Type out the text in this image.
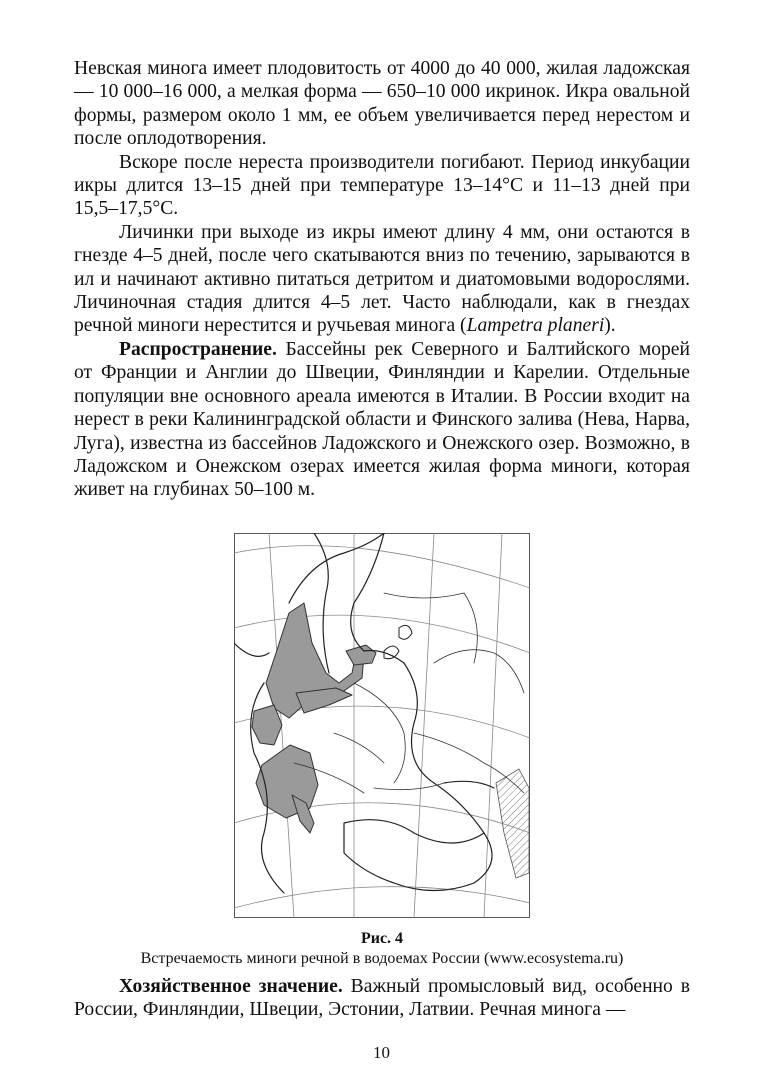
Невская минога имеет плодовитость от 4000 до 40 000, жилая ладожская — 10 000–16 000, а мелкая форма — 650–10 000 икринок. Икра овальной формы, размером около 1 мм, ее объем увеличивается перед нерестом и после оплодотворения.

Вскоре после нереста производители погибают. Период инкубации икры длится 13–15 дней при температуре 13–14°С и 11–13 дней при 15,5–17,5°С.

Личинки при выходе из икры имеют длину 4 мм, они остаются в гнезде 4–5 дней, после чего скатываются вниз по течению, зарываются в ил и начинают активно питаться детритом и диатомовыми водорослями. Личиночная стадия длится 4–5 лет. Часто наблюдали, как в гнездах речной миноги нерестится и ручьевая минога (Lampetra planeri).

Распространение. Бассейны рек Северного и Балтийского морей от Франции и Англии до Швеции, Финляндии и Карелии. Отдельные популяции вне основного ареала имеются в Италии. В России входит на нерест в реки Калининградской области и Финского залива (Нева, Нарва, Луга), известна из бассейнов Ладожского и Онежского озер. Возможно, в Ладожском и Онежском озерах имеется жилая форма миноги, которая живет на глубинах 50–100 м.

Рис. 4
Встречаемость миноги речной в водоемах России (www.ecosystema.ru)

Хозяйственное значение. Важный промысловый вид, особенно в России, Финляндии, Швеции, Эстонии, Латвии. Речная минога —

10
